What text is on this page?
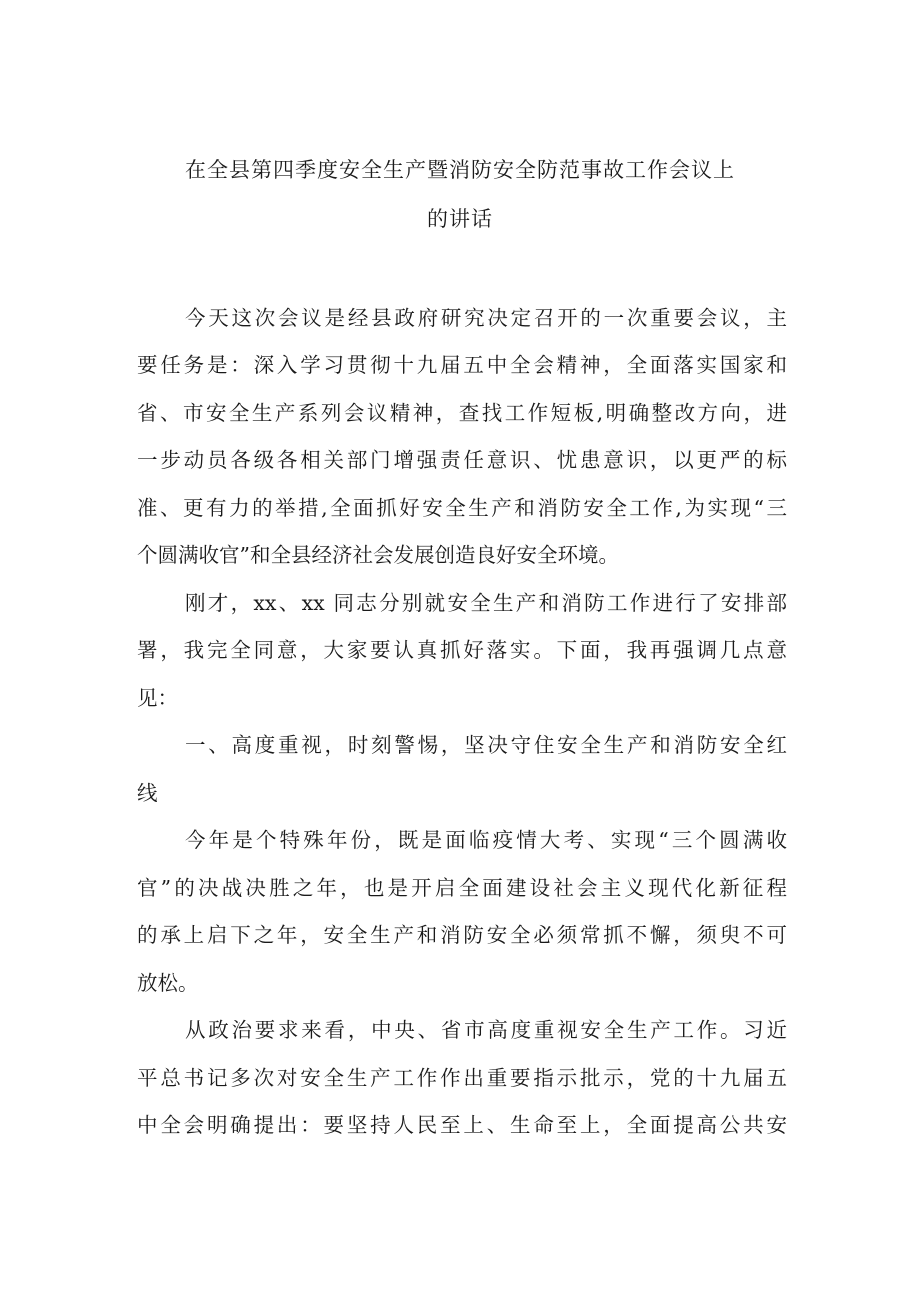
在全县第四季度安全生产暨消防安全防范事故工作会议上
的讲话
今天这次会议是经县政府研究决定召开的一次重要会议，主
要任务是：深入学习贯彻十九届五中全会精神，全面落实国家和
省、市安全生产系列会议精神，查找工作短板,明确整改方向，进
一步动员各级各相关部门增强责任意识、忧患意识，以更严的标
准、更有力的举措,全面抓好安全生产和消防安全工作,为实现“三
个圆满收官”和全县经济社会发展创造良好安全环境。
刚才，xx、xx 同志分别就安全生产和消防工作进行了安排部
署，我完全同意，大家要认真抓好落实。下面，我再强调几点意
见：
一、高度重视，时刻警惕，坚决守住安全生产和消防安全红
线
今年是个特殊年份，既是面临疫情大考、实现“三个圆满收
官”的决战决胜之年，也是开启全面建设社会主义现代化新征程
的承上启下之年，安全生产和消防安全必须常抓不懈，须臾不可
放松。
从政治要求来看，中央、省市高度重视安全生产工作。习近
平总书记多次对安全生产工作作出重要指示批示，党的十九届五
中全会明确提出：要坚持人民至上、生命至上，全面提高公共安
